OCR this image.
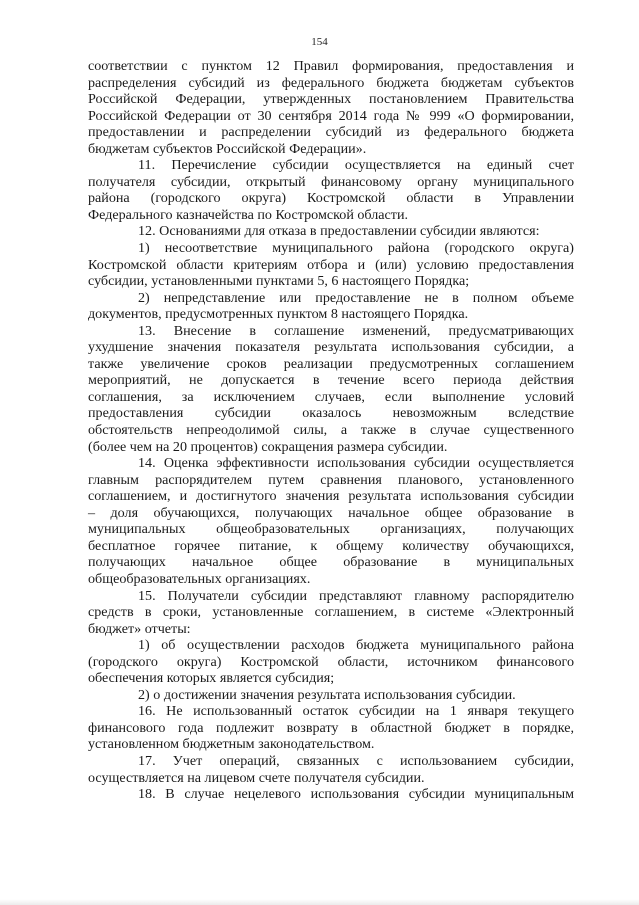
154

соответствии с пунктом 12 Правил формирования, предоставления и
распределения субсидий из федерального бюджета бюджетам субъектов
Российской Федерации, утвержденных постановлением Правительства
Российской Федерации от 30 сентября 2014 года № 999 «О формировании,
предоставлении и распределении субсидий из федерального бюджета
бюджетам субъектов Российской Федерации».

11. Перечисление субсидии осуществляется на единый счет
получателя субсидии, открытый финансовому органу муниципального
района (городского округа) Костромской области в Управлении
Федерального казначейства по Костромской области.

12. Основаниями для отказа в предоставлении субсидии являются:

1) несоответствие муниципального района (городского округа)
Костромской области критериям отбора и (или) условию предоставления
субсидии, установленными пунктами 5, 6 настоящего Порядка;

2) непредставление или предоставление не в полном объеме
документов, предусмотренных пунктом 8 настоящего Порядка.

13. Внесение в соглашение изменений, предусматривающих
ухудшение значения показателя результата использования субсидии, а
также увеличение сроков реализации предусмотренных соглашением
мероприятий, не допускается в течение всего периода действия
соглашения, за исключением случаев, если выполнение условий
предоставления субсидии оказалось невозможным вследствие
обстоятельств непреодолимой силы, а также в случае существенного
(более чем на 20 процентов) сокращения размера субсидии.

14. Оценка эффективности использования субсидии осуществляется
главным распорядителем путем сравнения планового, установленного
соглашением, и достигнутого значения результата использования субсидии
– доля обучающихся, получающих начальное общее образование в
муниципальных общеобразовательных организациях, получающих
бесплатное горячее питание, к общему количеству обучающихся,
получающих начальное общее образование в муниципальных
общеобразовательных организациях.

15. Получатели субсидии представляют главному распорядителю
средств в сроки, установленные соглашением, в системе «Электронный
бюджет» отчеты:

1) об осуществлении расходов бюджета муниципального района
(городского округа) Костромской области, источником финансового
обеспечения которых является субсидия;

2) о достижении значения результата использования субсидии.

16. Не использованный остаток субсидии на 1 января текущего
финансового года подлежит возврату в областной бюджет в порядке,
установленном бюджетным законодательством.

17. Учет операций, связанных с использованием субсидии,
осуществляется на лицевом счете получателя субсидии.

18. В случае нецелевого использования субсидии муниципальным
